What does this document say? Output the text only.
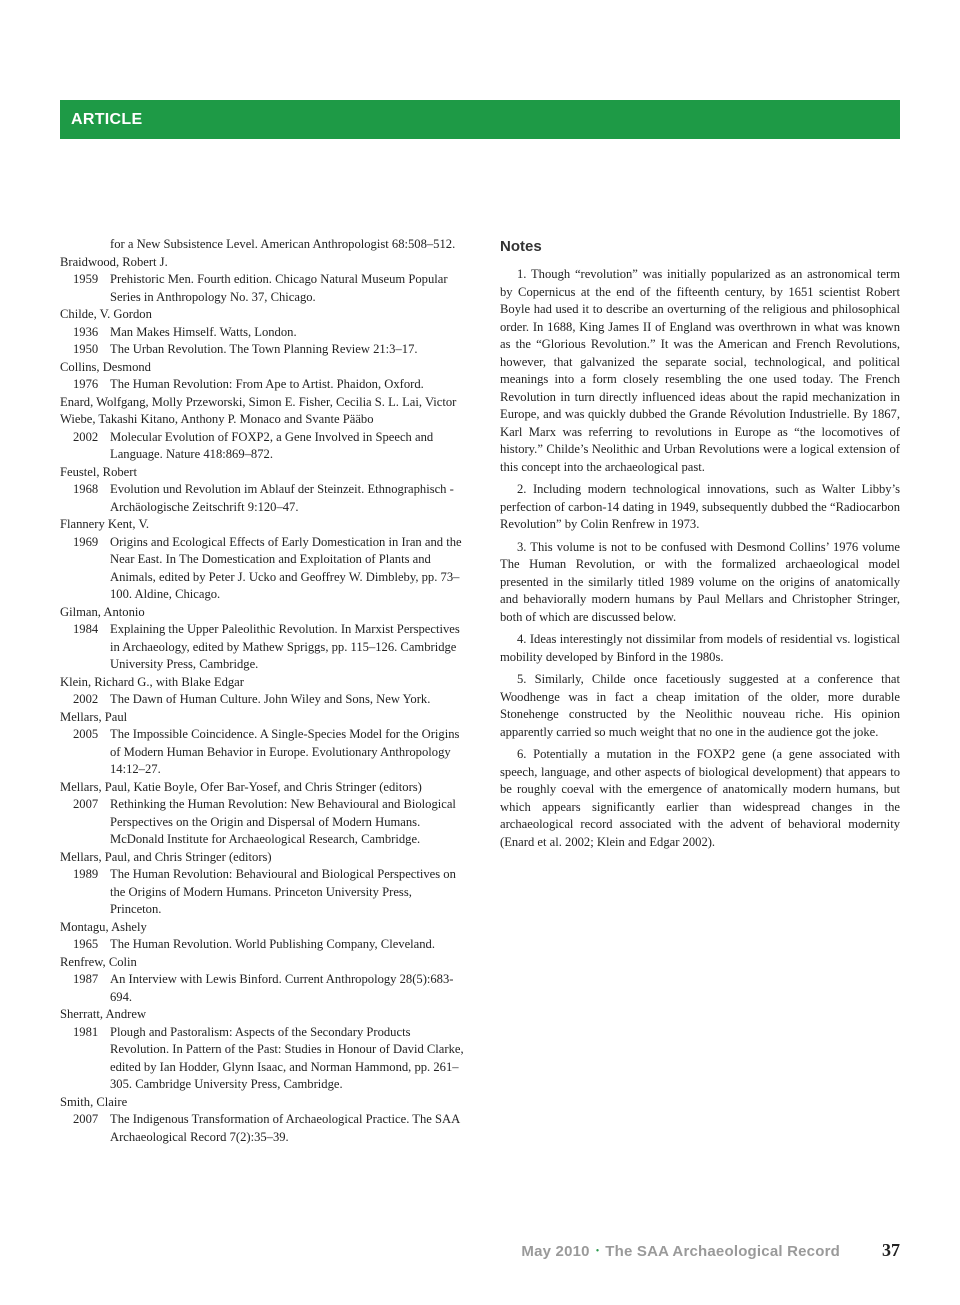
ARTICLE
for a New Subsistence Level. American Anthropologist 68:508–512.
Braidwood, Robert J.
1959 Prehistoric Men. Fourth edition. Chicago Natural Museum Popular Series in Anthropology No. 37, Chicago.
Childe, V. Gordon
1936 Man Makes Himself. Watts, London.
1950 The Urban Revolution. The Town Planning Review 21:3–17.
Collins, Desmond
1976 The Human Revolution: From Ape to Artist. Phaidon, Oxford.
Enard, Wolfgang, Molly Przeworski, Simon E. Fisher, Cecilia S. L. Lai, Victor Wiebe, Takashi Kitano, Anthony P. Monaco and Svante Pääbo
2002 Molecular Evolution of FOXP2, a Gene Involved in Speech and Language. Nature 418:869–872.
Feustel, Robert
1968 Evolution und Revolution im Ablauf der Steinzeit. Ethnographisch -Archäologische Zeitschrift 9:120–47.
Flannery Kent, V.
1969 Origins and Ecological Effects of Early Domestication in Iran and the Near East. In The Domestication and Exploitation of Plants and Animals, edited by Peter J. Ucko and Geoffrey W. Dimbleby, pp. 73–100. Aldine, Chicago.
Gilman, Antonio
1984 Explaining the Upper Paleolithic Revolution. In Marxist Perspectives in Archaeology, edited by Mathew Spriggs, pp. 115–126. Cambridge University Press, Cambridge.
Klein, Richard G., with Blake Edgar
2002 The Dawn of Human Culture. John Wiley and Sons, New York.
Mellars, Paul
2005 The Impossible Coincidence. A Single-Species Model for the Origins of Modern Human Behavior in Europe. Evolutionary Anthropology 14:12–27.
Mellars, Paul, Katie Boyle, Ofer Bar-Yosef, and Chris Stringer (editors)
2007 Rethinking the Human Revolution: New Behavioural and Biological Perspectives on the Origin and Dispersal of Modern Humans. McDonald Institute for Archaeological Research, Cambridge.
Mellars, Paul, and Chris Stringer (editors)
1989 The Human Revolution: Behavioural and Biological Perspectives on the Origins of Modern Humans. Princeton University Press, Princeton.
Montagu, Ashely
1965 The Human Revolution. World Publishing Company, Cleveland.
Renfrew, Colin
1987 An Interview with Lewis Binford. Current Anthropology 28(5):683-694.
Sherratt, Andrew
1981 Plough and Pastoralism: Aspects of the Secondary Products Revolution. In Pattern of the Past: Studies in Honour of David Clarke, edited by Ian Hodder, Glynn Isaac, and Norman Hammond, pp. 261–305. Cambridge University Press, Cambridge.
Smith, Claire
2007 The Indigenous Transformation of Archaeological Practice. The SAA Archaeological Record 7(2):35–39.
Notes

1. Though “revolution” was initially popularized as an astronomical term by Copernicus at the end of the fifteenth century, by 1651 scientist Robert Boyle had used it to describe an overturning of the religious and philosophical order. In 1688, King James II of England was overthrown in what was known as the “Glorious Revolution.” It was the American and French Revolutions, however, that galvanized the separate social, technological, and political meanings into a form closely resembling the one used today. The French Revolution in turn directly influenced ideas about the rapid mechanization in Europe, and was quickly dubbed the Grande Révolution Industrielle. By 1867, Karl Marx was referring to revolutions in Europe as “the locomotives of history.” Childe’s Neolithic and Urban Revolutions were a logical extension of this concept into the archaeological past.

2. Including modern technological innovations, such as Walter Libby’s perfection of carbon-14 dating in 1949, subsequently dubbed the “Radiocarbon Revolution” by Colin Renfrew in 1973.

3. This volume is not to be confused with Desmond Collins’ 1976 volume The Human Revolution, or with the formalized archaeological model presented in the similarly titled 1989 volume on the origins of anatomically and behaviorally modern humans by Paul Mellars and Christopher Stringer, both of which are discussed below.

4. Ideas interestingly not dissimilar from models of residential vs. logistical mobility developed by Binford in the 1980s.

5. Similarly, Childe once facetiously suggested at a conference that Woodhenge was in fact a cheap imitation of the older, more durable Stonehenge constructed by the Neolithic nouveau riche. His opinion apparently carried so much weight that no one in the audience got the joke.

6. Potentially a mutation in the FOXP2 gene (a gene associated with speech, language, and other aspects of biological development) that appears to be roughly coeval with the emergence of anatomically modern humans, but which appears significantly earlier than widespread changes in the archaeological record associated with the advent of behavioral modernity (Enard et al. 2002; Klein and Edgar 2002).

May 2010 • The SAA Archaeological Record 37
